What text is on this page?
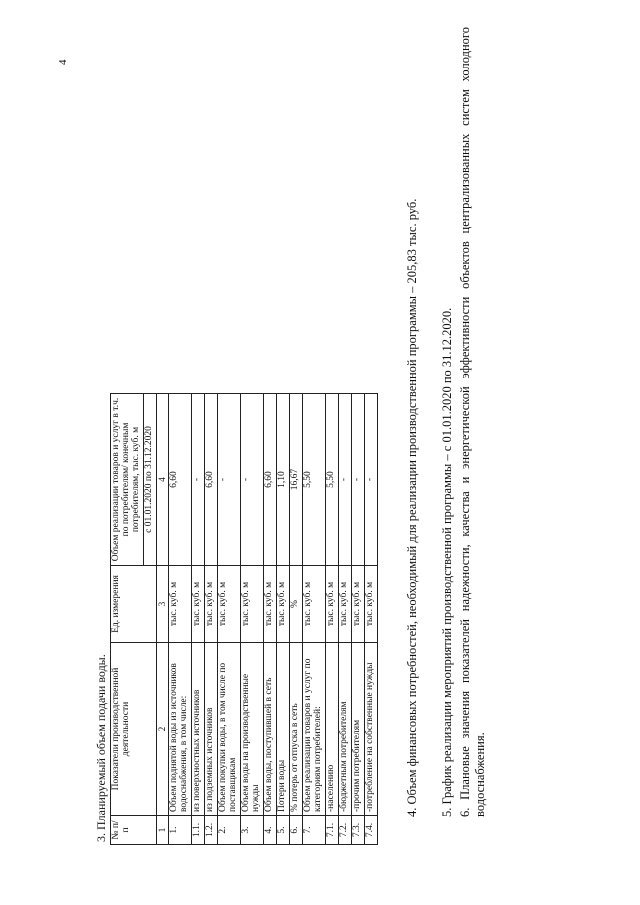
4
3. Планируемый объем подачи воды. № п/п	Показатели производственной деятельности	Ед. измерения	Объем реализации товаров и услуг в т.ч. по потребителям/ конечным потребителям, тыс. куб. м
			с 01.01.2020 по 31.12.2020
1	2	3	4
1.	Объем поднятой воды из источников водоснабжения, в том числе:	тыс. куб. м	6,60
1.1.	из поверхностных источников	тыс. куб. м	-
1.2.	из подземных источников	тыс. куб. м	6,60
2.	Объем покупки воды, в том числе по поставщикам	тыс. куб. м	-
3.	Объем воды на производственные нужды	тыс. куб. м	-
4.	Объем воды, поступившей в сеть	тыс. куб. м	6,60
5.	Потери воды	тыс. куб. м	1,10
6.	% потерь от отпуска в сеть	%	16,67
7.	Объем реализации товаров и услуг по категориям потребителей:	тыс. куб. м	5,50
7.1.	-населению	тыс. куб. м	5,50
7.2.	-бюджетным потребителям	тыс. куб. м	-
7.3.	-прочим потребителям	тыс. куб. м	-
7.4.	-потребление на собственные нужды	тыс. куб. м	- 4. Объем финансовых потребностей, необходимый для реализации производственной программы – 205,83 тыс. руб. 5. График реализации мероприятий производственной программы – с 01.01.2020 по 31.12.2020. 6. Плановые значения показателей надежности, качества и энергетической эффективности объектов централизованных систем холодного водоснабжения.
